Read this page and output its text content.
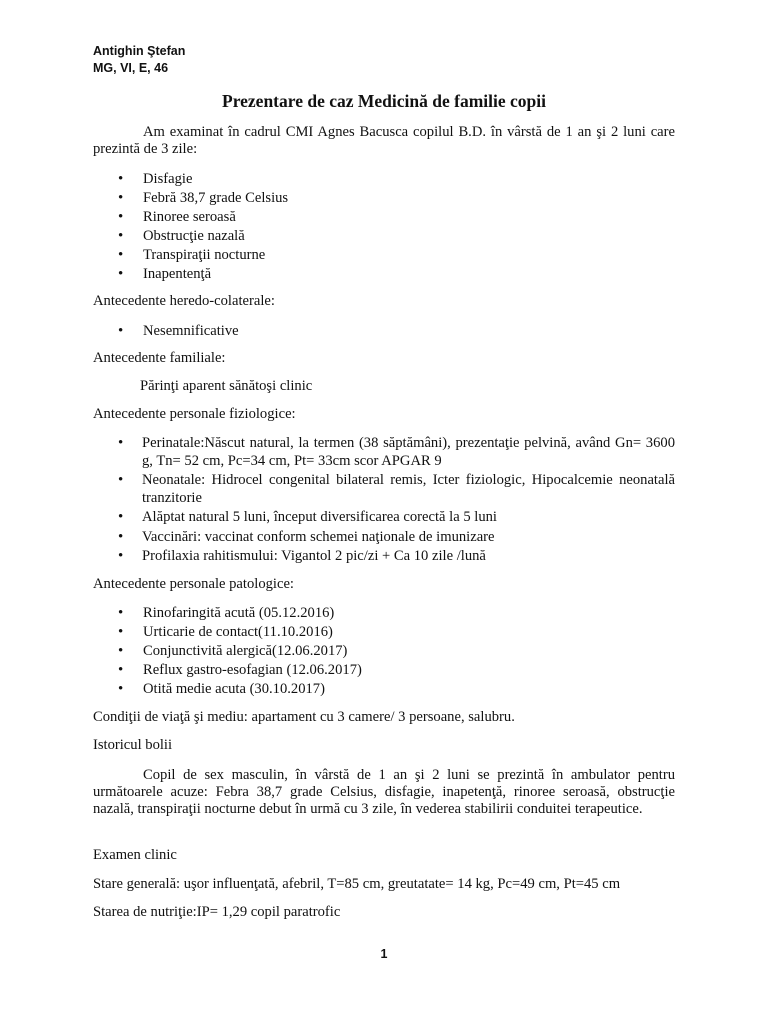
Antighin Ştefan
MG, VI, E, 46
Prezentare de caz Medicină de familie copii

Am examinat în cadrul CMI Agnes Bacusca copilul B.D. în vârstă de 1 an şi 2 luni care prezintă de 3 zile:

• Disfagie
• Febră 38,7 grade Celsius
• Rinoree seroasă
• Obstrucţie nazală
• Transpiraţii nocturne
• Inapentenţă

Antecedente heredo-colaterale:

• Nesemnificative

Antecedente familiale:

Părinţi aparent sănătoşi clinic

Antecedente personale fiziologice:

• Perinatale:Născut natural, la termen (38 săptămâni), prezentaţie pelvină, având Gn= 3600 g, Tn= 52 cm, Pc=34 cm, Pt= 33cm scor APGAR 9
• Neonatale: Hidrocel congenital bilateral remis, Icter fiziologic, Hipocalcemie neonatală tranzitorie
• Alăptat natural 5 luni, început diversificarea corectă la 5 luni
• Vaccinări: vaccinat conform schemei naţionale de imunizare
• Profilaxia rahitismului: Vigantol 2 pic/zi + Ca 10 zile /lună

Antecedente personale patologice:

• Rinofaringită acută (05.12.2016)
• Urticarie de contact(11.10.2016)
• Conjunctivită alergică(12.06.2017)
• Reflux gastro-esofagian (12.06.2017)
• Otită medie acuta (30.10.2017)

Condiţii de viaţă şi mediu: apartament cu 3 camere/ 3 persoane, salubru.

Istoricul bolii

Copil de sex masculin, în vârstă de 1 an şi 2 luni se prezintă în ambulator pentru următoarele acuze: Febra 38,7 grade Celsius, disfagie, inapetenţă, rinoree seroasă, obstrucţie nazală, transpiraţii nocturne debut în urmă cu 3 zile, în vederea stabilirii conduitei terapeutice.

Examen clinic

Stare generală: uşor influenţată, afebril, T=85 cm, greutatate= 14 kg, Pc=49 cm, Pt=45 cm

Starea de nutriţie:IP= 1,29 copil paratrofic

1
